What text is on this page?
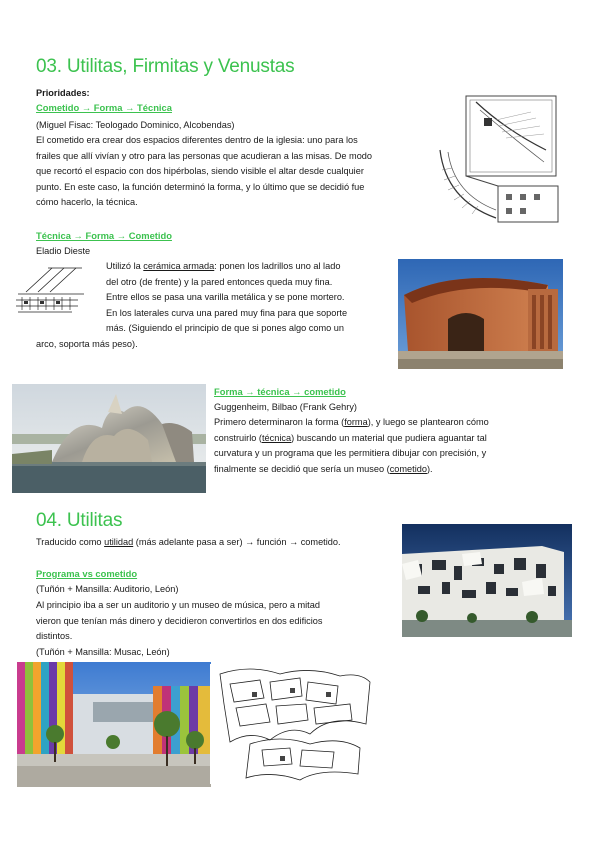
03. Utilitas, Firmitas y Venustas
Prioridades:
Cometido → Forma → Técnica
(Miguel Fisac: Teologado Dominico, Alcobendas)

El cometido era crear dos espacios diferentes dentro de la iglesia: uno para los

frailes que allí vivían y otro para las personas que acudieran a las misas. De modo

que recortó el espacio con dos hipérbolas, siendo visible el altar desde cualquier

punto. En este caso, la función determinó la forma, y lo último que se decidió fue

cómo hacerlo, la técnica.

Técnica → Forma → Cometido
Eladio Dieste

Utilizó la cerámica armada: ponen los ladrillos uno al lado

del otro (de frente) y la pared entonces queda muy fina.

Entre ellos se pasa una varilla metálica y se pone mortero.

En los laterales curva una pared muy fina para que soporte

más. (Siguiendo el principio de que si pones algo como un

arco, soporta más peso).
Forma → técnica → cometido
Guggenheim, Bilbao (Frank Gehry)

Primero determinaron la forma (forma), y luego se plantearon cómo

construirlo (técnica) buscando un material que pudiera aguantar tal

curvatura y un programa que les permitiera dibujar con precisión, y

finalmente se decidió que sería un museo (cometido).

04. Utilitas
Traducido como utilidad (más adelante pasa a ser) → función → cometido.
Programa vs cometido
(Tuñón + Mansilla: Auditorio, León)

Al principio iba a ser un auditorio y un museo de música, pero a mitad

vieron que tenían más dinero y decidieron convertirlos en dos edificios

distintos.

(Tuñón + Mansilla: Musac, León)
